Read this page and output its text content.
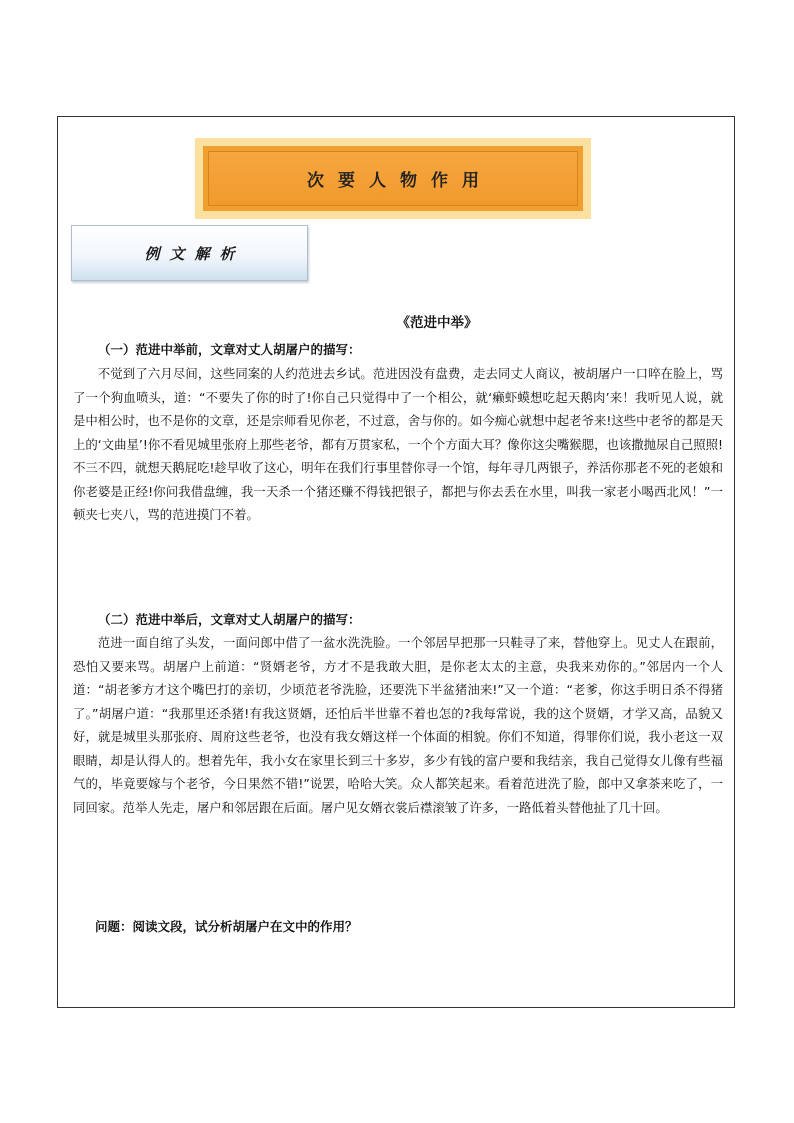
次要人物作用
例文解析
《范进中举》
（一）范进中举前，文章对丈人胡屠户的描写：

不觉到了六月尽间，这些同案的人约范进去乡试。范进因没有盘费，走去同丈人商议，被胡屠户一口啐在脸上，骂了一个狗血喷头，道：“不要失了你的时了!你自己只觉得中了一个相公，就‘癞虾蟆想吃起天鹅肉’来！我听见人说，就是中相公时，也不是你的文章，还是宗师看见你老，不过意，舍与你的。如今痴心就想中起老爷来!这些中老爷的都是天上的‘文曲星’!你不看见城里张府上那些老爷，都有万贯家私，一个个方面大耳？像你这尖嘴猴腮，也该撒抛尿自己照照!不三不四，就想天鹅屁吃!趁早收了这心，明年在我们行事里替你寻一个馆，每年寻几两银子，养活你那老不死的老娘和你老婆是正经!你问我借盘缠，我一天杀一个猪还赚不得钱把银子，都把与你去丢在水里，叫我一家老小喝西北风！”一顿夹七夹八，骂的范进摸门不着。

（二）范进中举后，文章对丈人胡屠户的描写：

范进一面自绾了头发，一面问郎中借了一盆水洗洗脸。一个邻居早把那一只鞋寻了来，替他穿上。见丈人在跟前，恐怕又要来骂。胡屠户上前道：“贤婿老爷，方才不是我敢大胆，是你老太太的主意，央我来劝你的。”邻居内一个人道：“胡老爹方才这个嘴巴打的亲切，少顷范老爷洗脸，还要洗下半盆猪油来!”又一个道：“老爹，你这手明日杀不得猪了。”胡屠户道：“我那里还杀猪!有我这贤婿，还怕后半世靠不着也怎的?我每常说，我的这个贤婿，才学又高，品貌又好，就是城里头那张府、周府这些老爷，也没有我女婿这样一个体面的相貌。你们不知道，得罪你们说，我小老这一双眼睛，却是认得人的。想着先年，我小女在家里长到三十多岁，多少有钱的富户要和我结亲，我自己觉得女儿像有些福气的，毕竟要嫁与个老爷，今日果然不错!”说罢，哈哈大笑。众人都笑起来。看着范进洗了脸，郎中又拿茶来吃了，一同回家。范举人先走，屠户和邻居跟在后面。屠户见女婿衣裳后襟滚皱了许多，一路低着头替他扯了几十回。

问题：阅读文段，试分析胡屠户在文中的作用？
